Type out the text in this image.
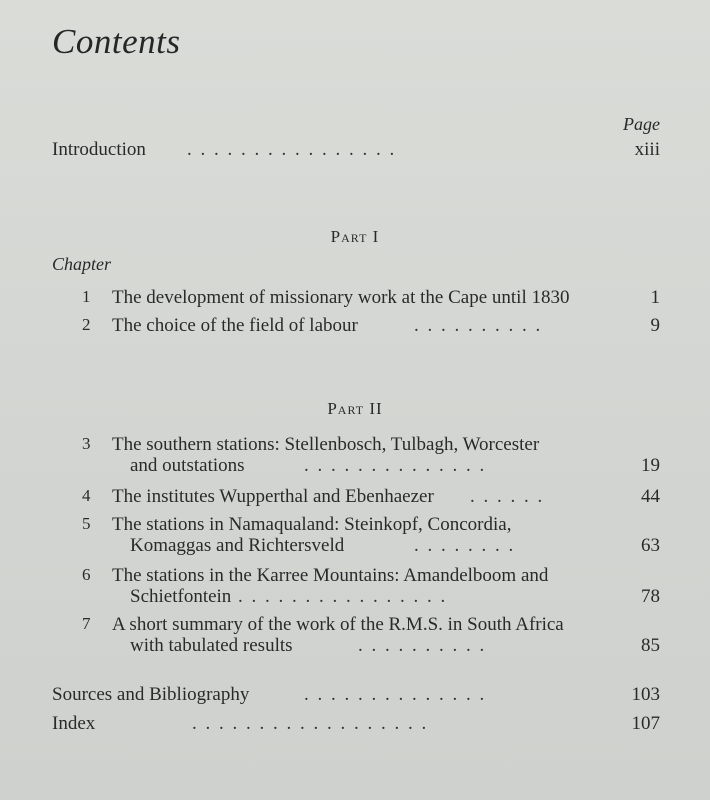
Contents
Page
Introduction . . . . . . . . . . . . . . . .	xiii
Part I
Chapter
1 The development of missionary work at the Cape until 1830	1
2 The choice of the field of labour	. . . . . . . . . .	9
Part II
3 The southern stations: Stellenbosch, Tulbagh, Worcester
and outstations	. . . . . . . . . . . . . .	19
4 The institutes Wupperthal and Ebenhaezer . . . . . .	44
5 The stations in Namaqualand: Steinkopf, Concordia,
Komaggas and Richtersveld	. . . . . . . .	63
6 The stations in the Karree Mountains: Amandelboom and
Schietfontein . . . . . . . . . . . . . . . .	78
7 A short summary of the work of the R.M.S. in South Africa
with tabulated results	. . . . . . . . . .	85
Sources and Bibliography	. . . . . . . . . . . . . .	103
Index	. . . . . . . . . . . . . . . . . .	107
